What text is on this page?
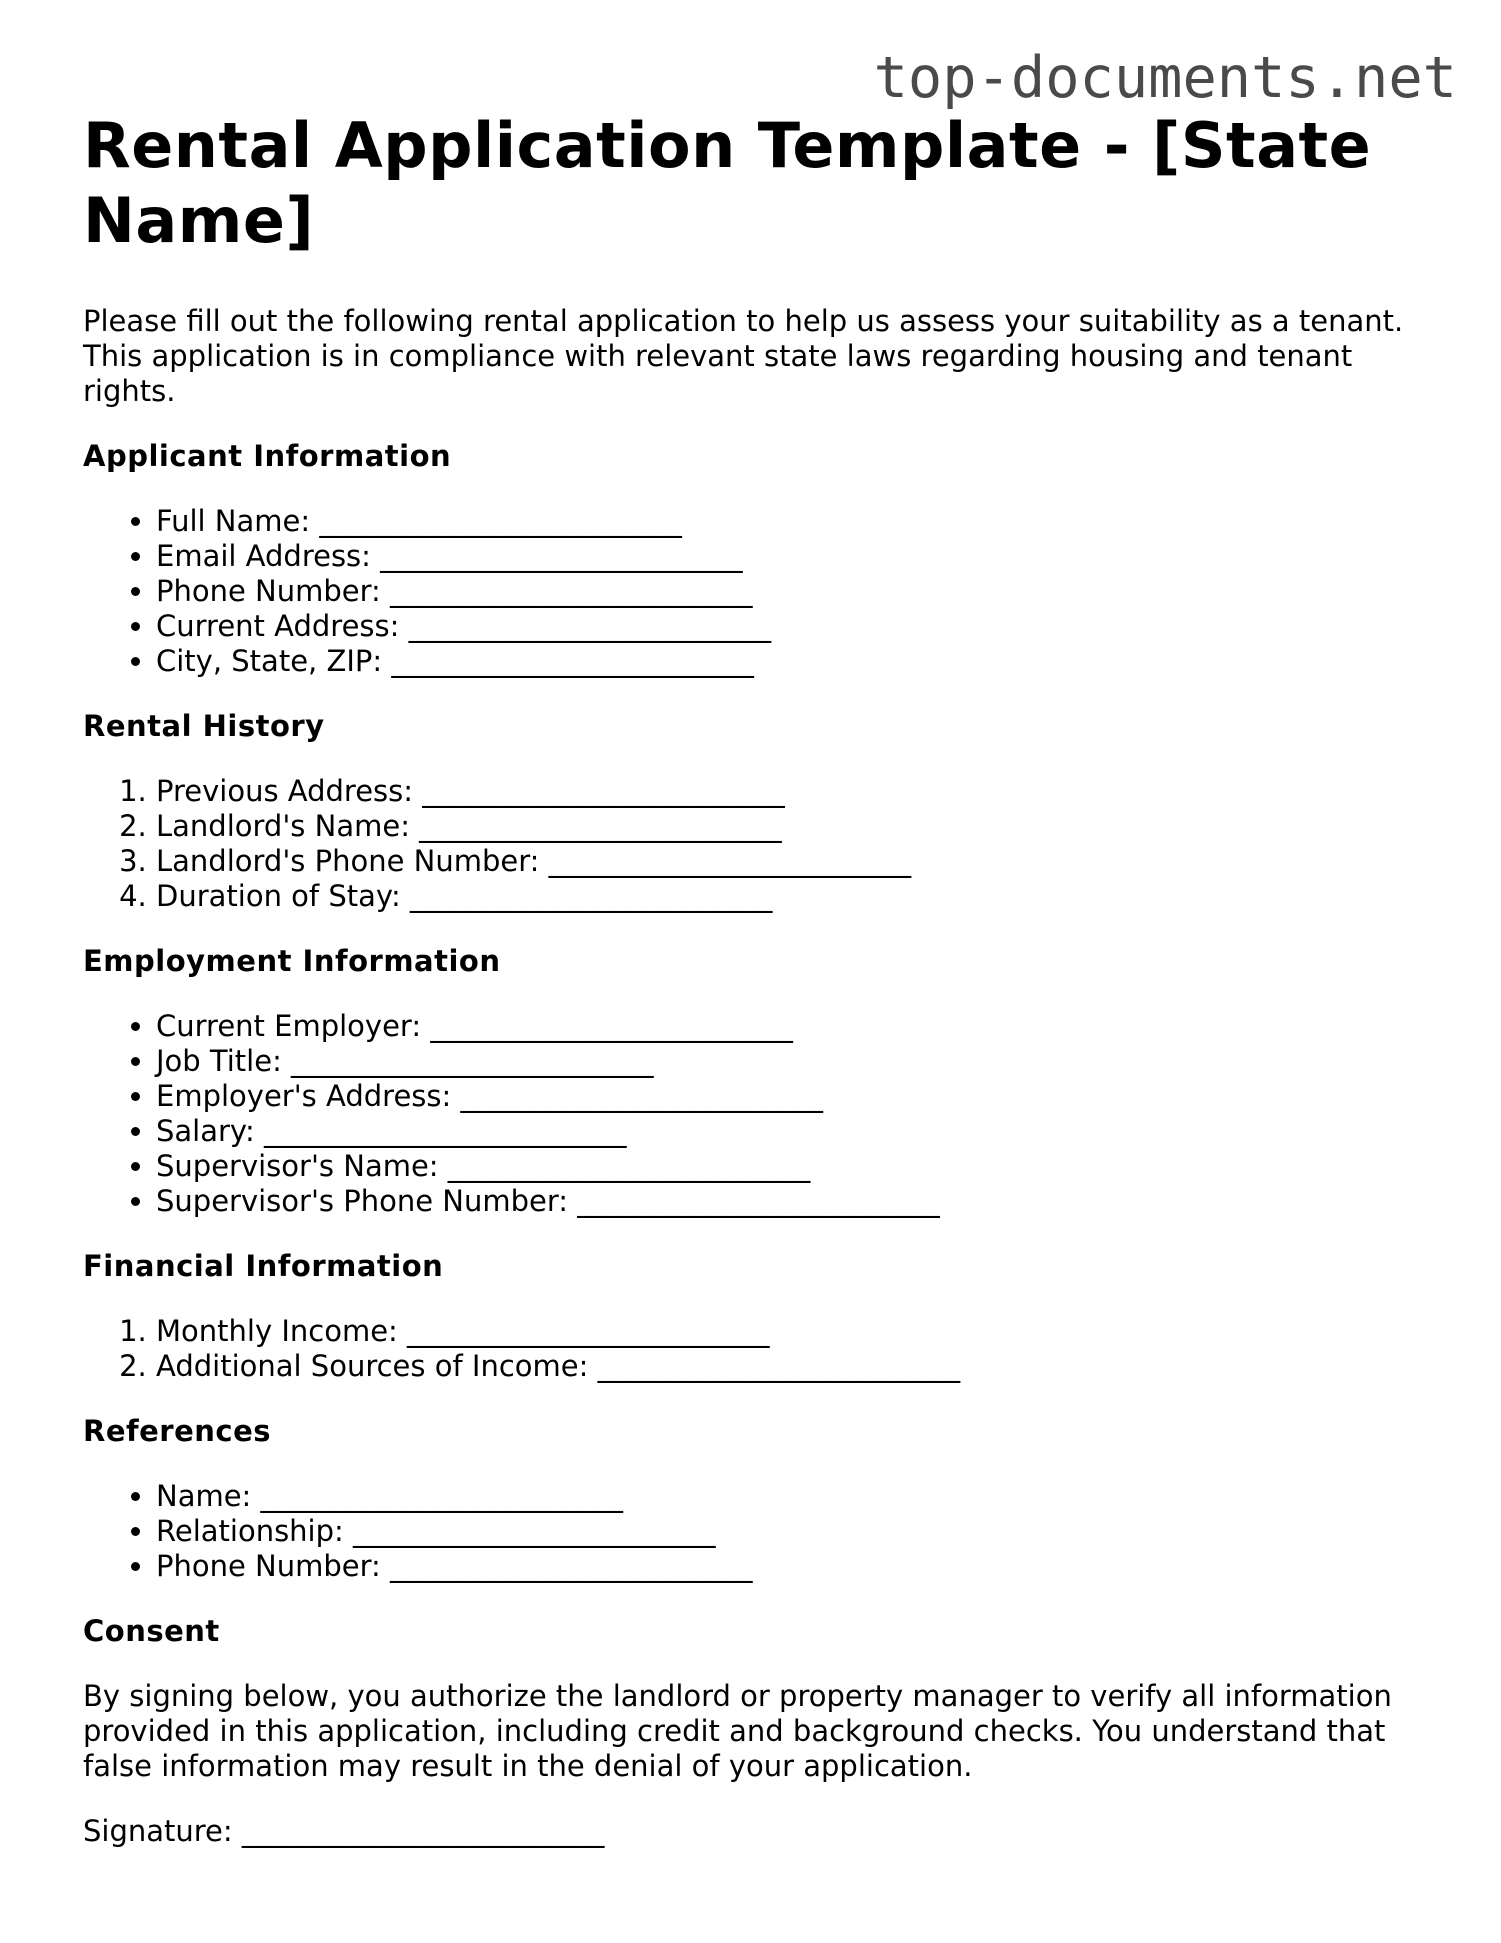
top-documents.net
Rental Application Template - [State Name]

Please fill out the following rental application to help us assess your suitability as a tenant. This application is in compliance with relevant state laws regarding housing and tenant rights.

Applicant Information
• Full Name: _________________________
• Email Address: _________________________
• Phone Number: _________________________
• Current Address: _________________________
• City, State, ZIP: _________________________
Rental History
1. Previous Address: _________________________
2. Landlord's Name: _________________________
3. Landlord's Phone Number: _________________________
4. Duration of Stay: _________________________
Employment Information
• Current Employer: _________________________
• Job Title: _________________________
• Employer's Address: _________________________
• Salary: _________________________
• Supervisor's Name: _________________________
• Supervisor's Phone Number: _________________________
Financial Information
1. Monthly Income: _________________________
2. Additional Sources of Income: _________________________
References
• Name: _________________________
• Relationship: _________________________
• Phone Number: _________________________
Consent

By signing below, you authorize the landlord or property manager to verify all information provided in this application, including credit and background checks. You understand that false information may result in the denial of your application.

Signature: _________________________
